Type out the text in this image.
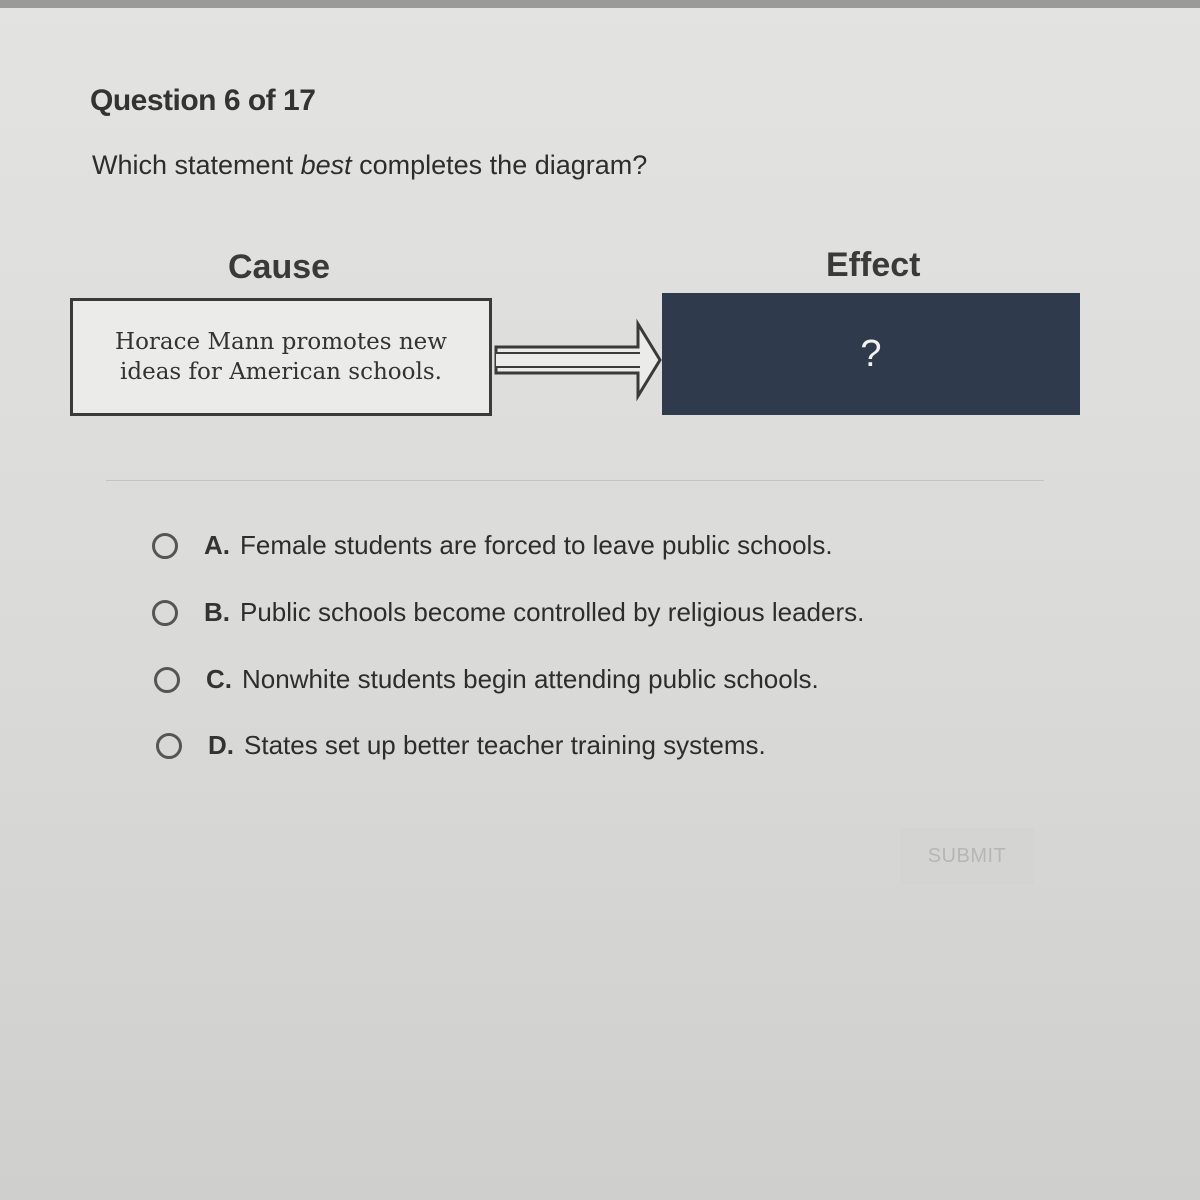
Question 6 of 17
Which statement best completes the diagram?
Cause	Effect
Horace Mann promotes new ideas for American schools.	?
A. Female students are forced to leave public schools.
B. Public schools become controlled by religious leaders.
C. Nonwhite students begin attending public schools.
D. States set up better teacher training systems.
SUBMIT
